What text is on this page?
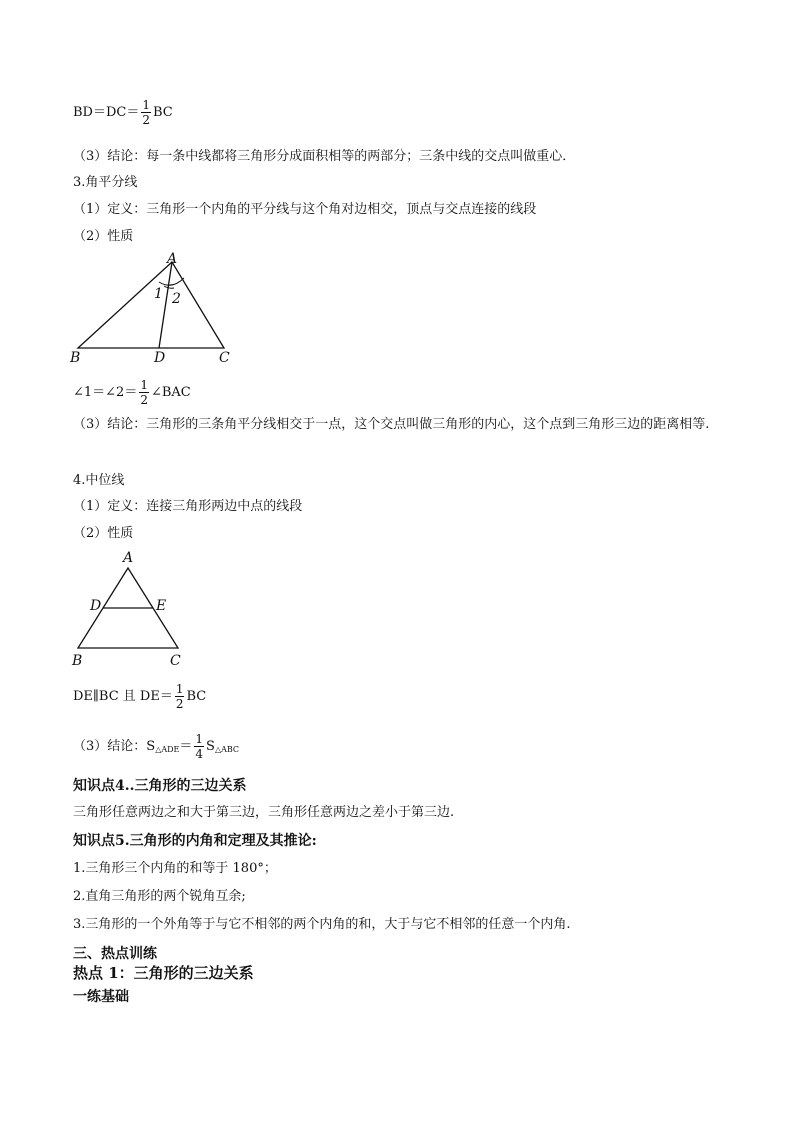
$BD=DC= \frac{1}{2}$ BC
（3）结论：每一条中线都将三角形分成面积相等的两部分；三条中线的交点叫做重心．
3.角平分线
（1）定义：三角形一个内角的平分线与这个角对边相交，顶点与交点连接的线段
（2）性质
A
B	C
D
1 2
∠1＝∠2＝ $\frac{1}{2}$ ∠BAC
（3）结论：三角形的三条角平分线相交于一点，这个交点叫做三角形的内心，这个点到三角形三边的距离相等.
4.中位线
（1）定义：连接三角形两边中点的线段
（2）性质
A
B	C
D	E
DE∥BC 且 $DE= \frac{1}{2}$ BC
（3）结论：$S_{\triangle ADE}= \frac{1}{4} S_{\triangle ABC}$
知识点4..三角形的三边关系
三角形任意两边之和大于第三边，三角形任意两边之差小于第三边.
知识点5.三角形的内角和定理及其推论:
1.三角形三个内角的和等于 180°；
2.直角三角形的两个锐角互余;
3.三角形的一个外角等于与它不相邻的两个内角的和，大于与它不相邻的任意一个内角.
三、热点训练
热点 1：三角形的三边关系
一练基础
